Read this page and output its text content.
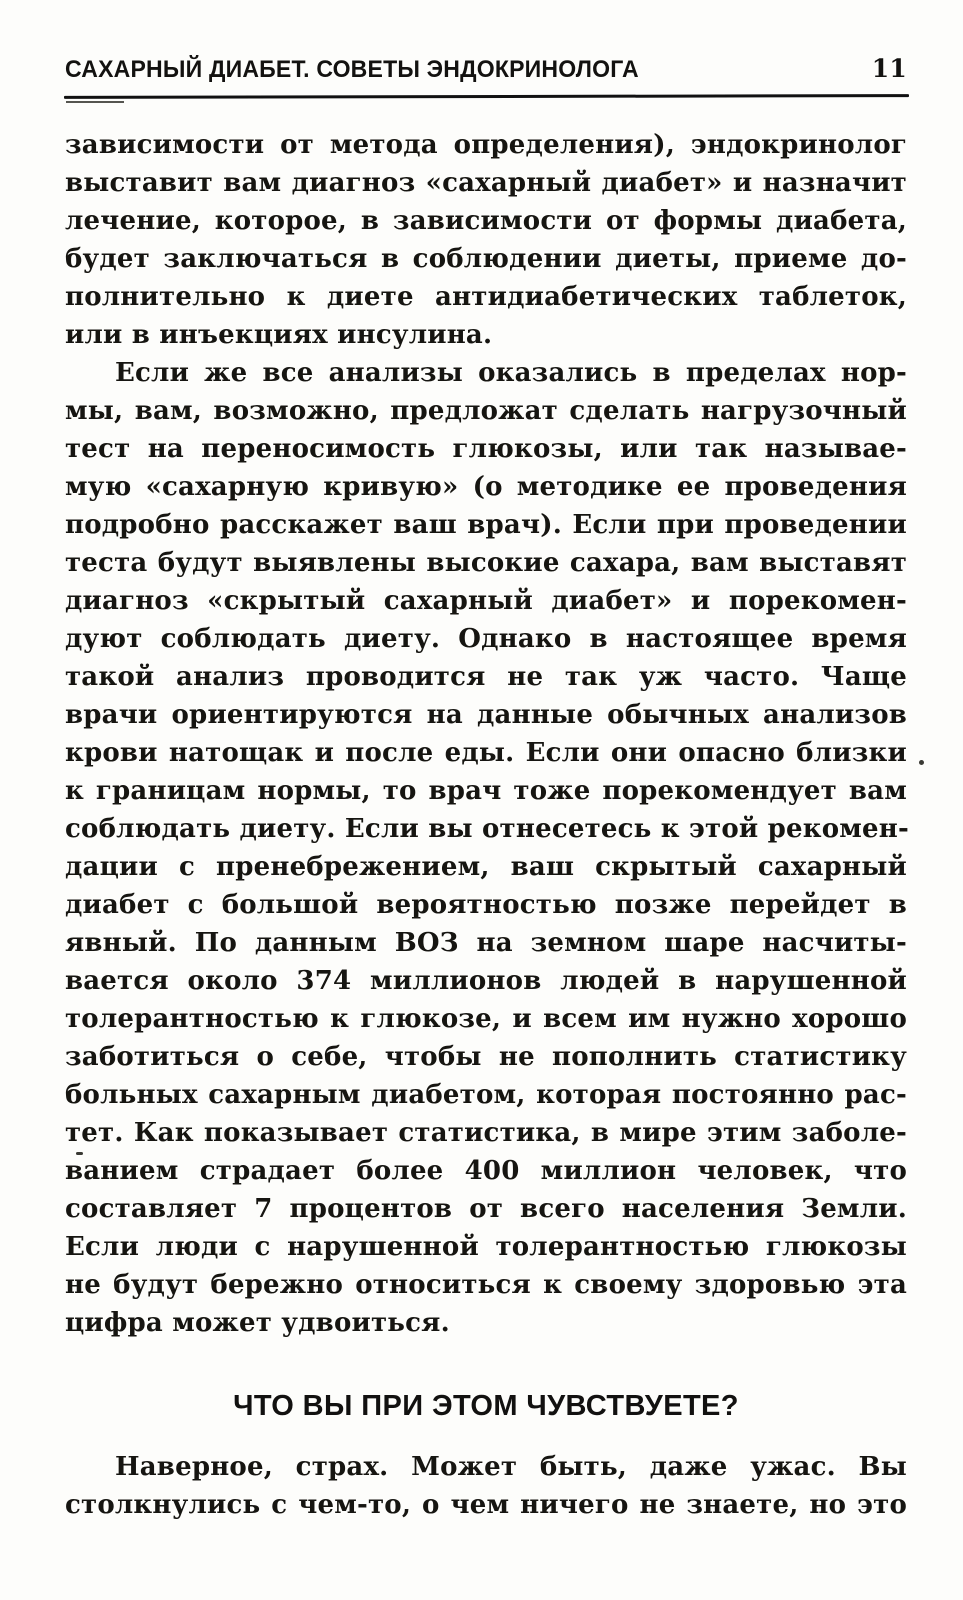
САХАРНЫЙ ДИАБЕТ. СОВЕТЫ ЭНДОКРИНОЛОГА	11
зависимости от метода определения), эндокринолог
выставит вам диагноз «сахарный диабет» и назначит
лечение, которое, в зависимости от формы диабета,
будет заключаться в соблюдении диеты, приеме до-
полнительно к диете антидиабетических таблеток,
или в инъекциях инсулина.
Если же все анализы оказались в пределах нор-
мы, вам, возможно, предложат сделать нагрузочный
тест на переносимость глюкозы, или так называе-
мую «сахарную кривую» (о методике ее проведения
подробно расскажет ваш врач). Если при проведении
теста будут выявлены высокие сахара, вам выставят
диагноз «скрытый сахарный диабет» и порекомен-
дуют соблюдать диету. Однако в настоящее время
такой анализ проводится не так уж часто. Чаще
врачи ориентируются на данные обычных анализов
крови натощак и после еды. Если они опасно близки
к границам нормы, то врач тоже порекомендует вам
соблюдать диету. Если вы отнесетесь к этой рекомен-
дации с пренебрежением, ваш скрытый сахарный
диабет с большой вероятностью позже перейдет в
явный. По данным ВОЗ на земном шаре насчиты-
вается около 374 миллионов людей в нарушенной
толерантностью к глюкозе, и всем им нужно хорошо
заботиться о себе, чтобы не пополнить статистику
больных сахарным диабетом, которая постоянно рас-
тет. Как показывает статистика, в мире этим заболе-
ванием страдает более 400 миллион человек, что
составляет 7 процентов от всего населения Земли.
Если люди с нарушенной толерантностью глюкозы
не будут бережно относиться к своему здоровью эта
цифра может удвоиться.
ЧТО ВЫ ПРИ ЭТОМ ЧУВСТВУЕТЕ?
Наверное, страх. Может быть, даже ужас. Вы
столкнулись с чем-то, о чем ничего не знаете, но это
